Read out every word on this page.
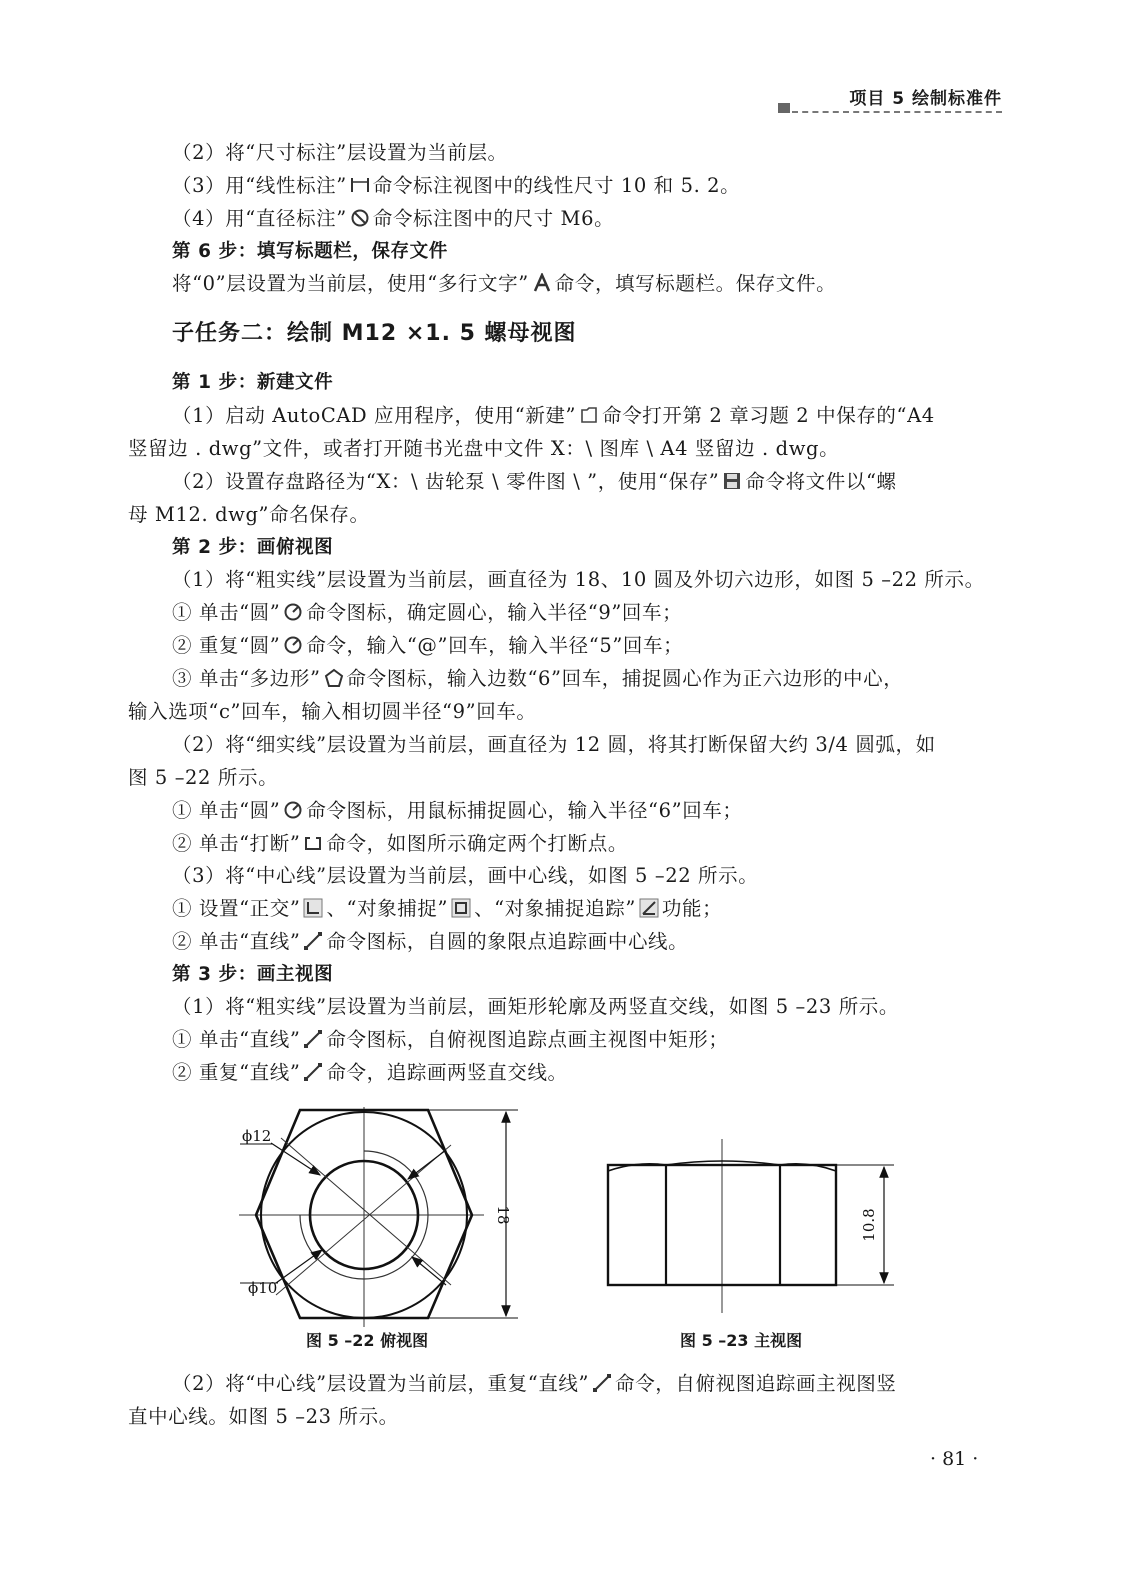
项目 5 绘制标准件
（2）将“尺寸标注”层设置为当前层。
（3）用“线性标注” 命令标注视图中的线性尺寸 10 和 5. 2。
（4）用“直径标注” 命令标注图中的尺寸 M6。
第 6 步：填写标题栏，保存文件
将“0”层设置为当前层，使用“多行文字” 命令，填写标题栏。保存文件。
子任务二：绘制 M12 ×1. 5 螺母视图
第 1 步：新建文件
（1）启动 AutoCAD 应用程序，使用“新建” 命令打开第 2 章习题 2 中保存的“A4
竖留边 . dwg”文件，或者打开随书光盘中文件 X：\ 图库 \ A4 竖留边 . dwg。
（2）设置存盘路径为“X：\ 齿轮泵 \ 零件图 \ ”，使用“保存” 命令将文件以“螺
母 M12. dwg”命名保存。
第 2 步：画俯视图
（1）将“粗实线”层设置为当前层，画直径为 18、10 圆及外切六边形，如图 5 –22 所示。
① 单击“圆” 命令图标，确定圆心，输入半径“9”回车；
② 重复“圆” 命令，输入“@”回车，输入半径“5”回车；
③ 单击“多边形” 命令图标，输入边数“6”回车，捕捉圆心作为正六边形的中心，
输入选项“c”回车，输入相切圆半径“9”回车。
（2）将“细实线”层设置为当前层，画直径为 12 圆，将其打断保留大约 3/4 圆弧，如
图 5 –22 所示。
① 单击“圆” 命令图标，用鼠标捕捉圆心，输入半径“6”回车；
② 单击“打断” 命令，如图所示确定两个打断点。
（3）将“中心线”层设置为当前层，画中心线，如图 5 –22 所示。
① 设置“正交” 、“对象捕捉” 、“对象捕捉追踪” 功能；
② 单击“直线” 命令图标，自圆的象限点追踪画中心线。
第 3 步：画主视图
（1）将“粗实线”层设置为当前层，画矩形轮廓及两竖直交线，如图 5 –23 所示。
① 单击“直线” 命令图标，自俯视图追踪点画主视图中矩形；
② 重复“直线” 命令，追踪画两竖直交线。
ϕ12
ϕ10
18
图 5 –22 俯视图
10.8
图 5 –23 主视图
（2）将“中心线”层设置为当前层，重复“直线” 命令，自俯视图追踪画主视图竖
直中心线。如图 5 –23 所示。
· 81 ·
